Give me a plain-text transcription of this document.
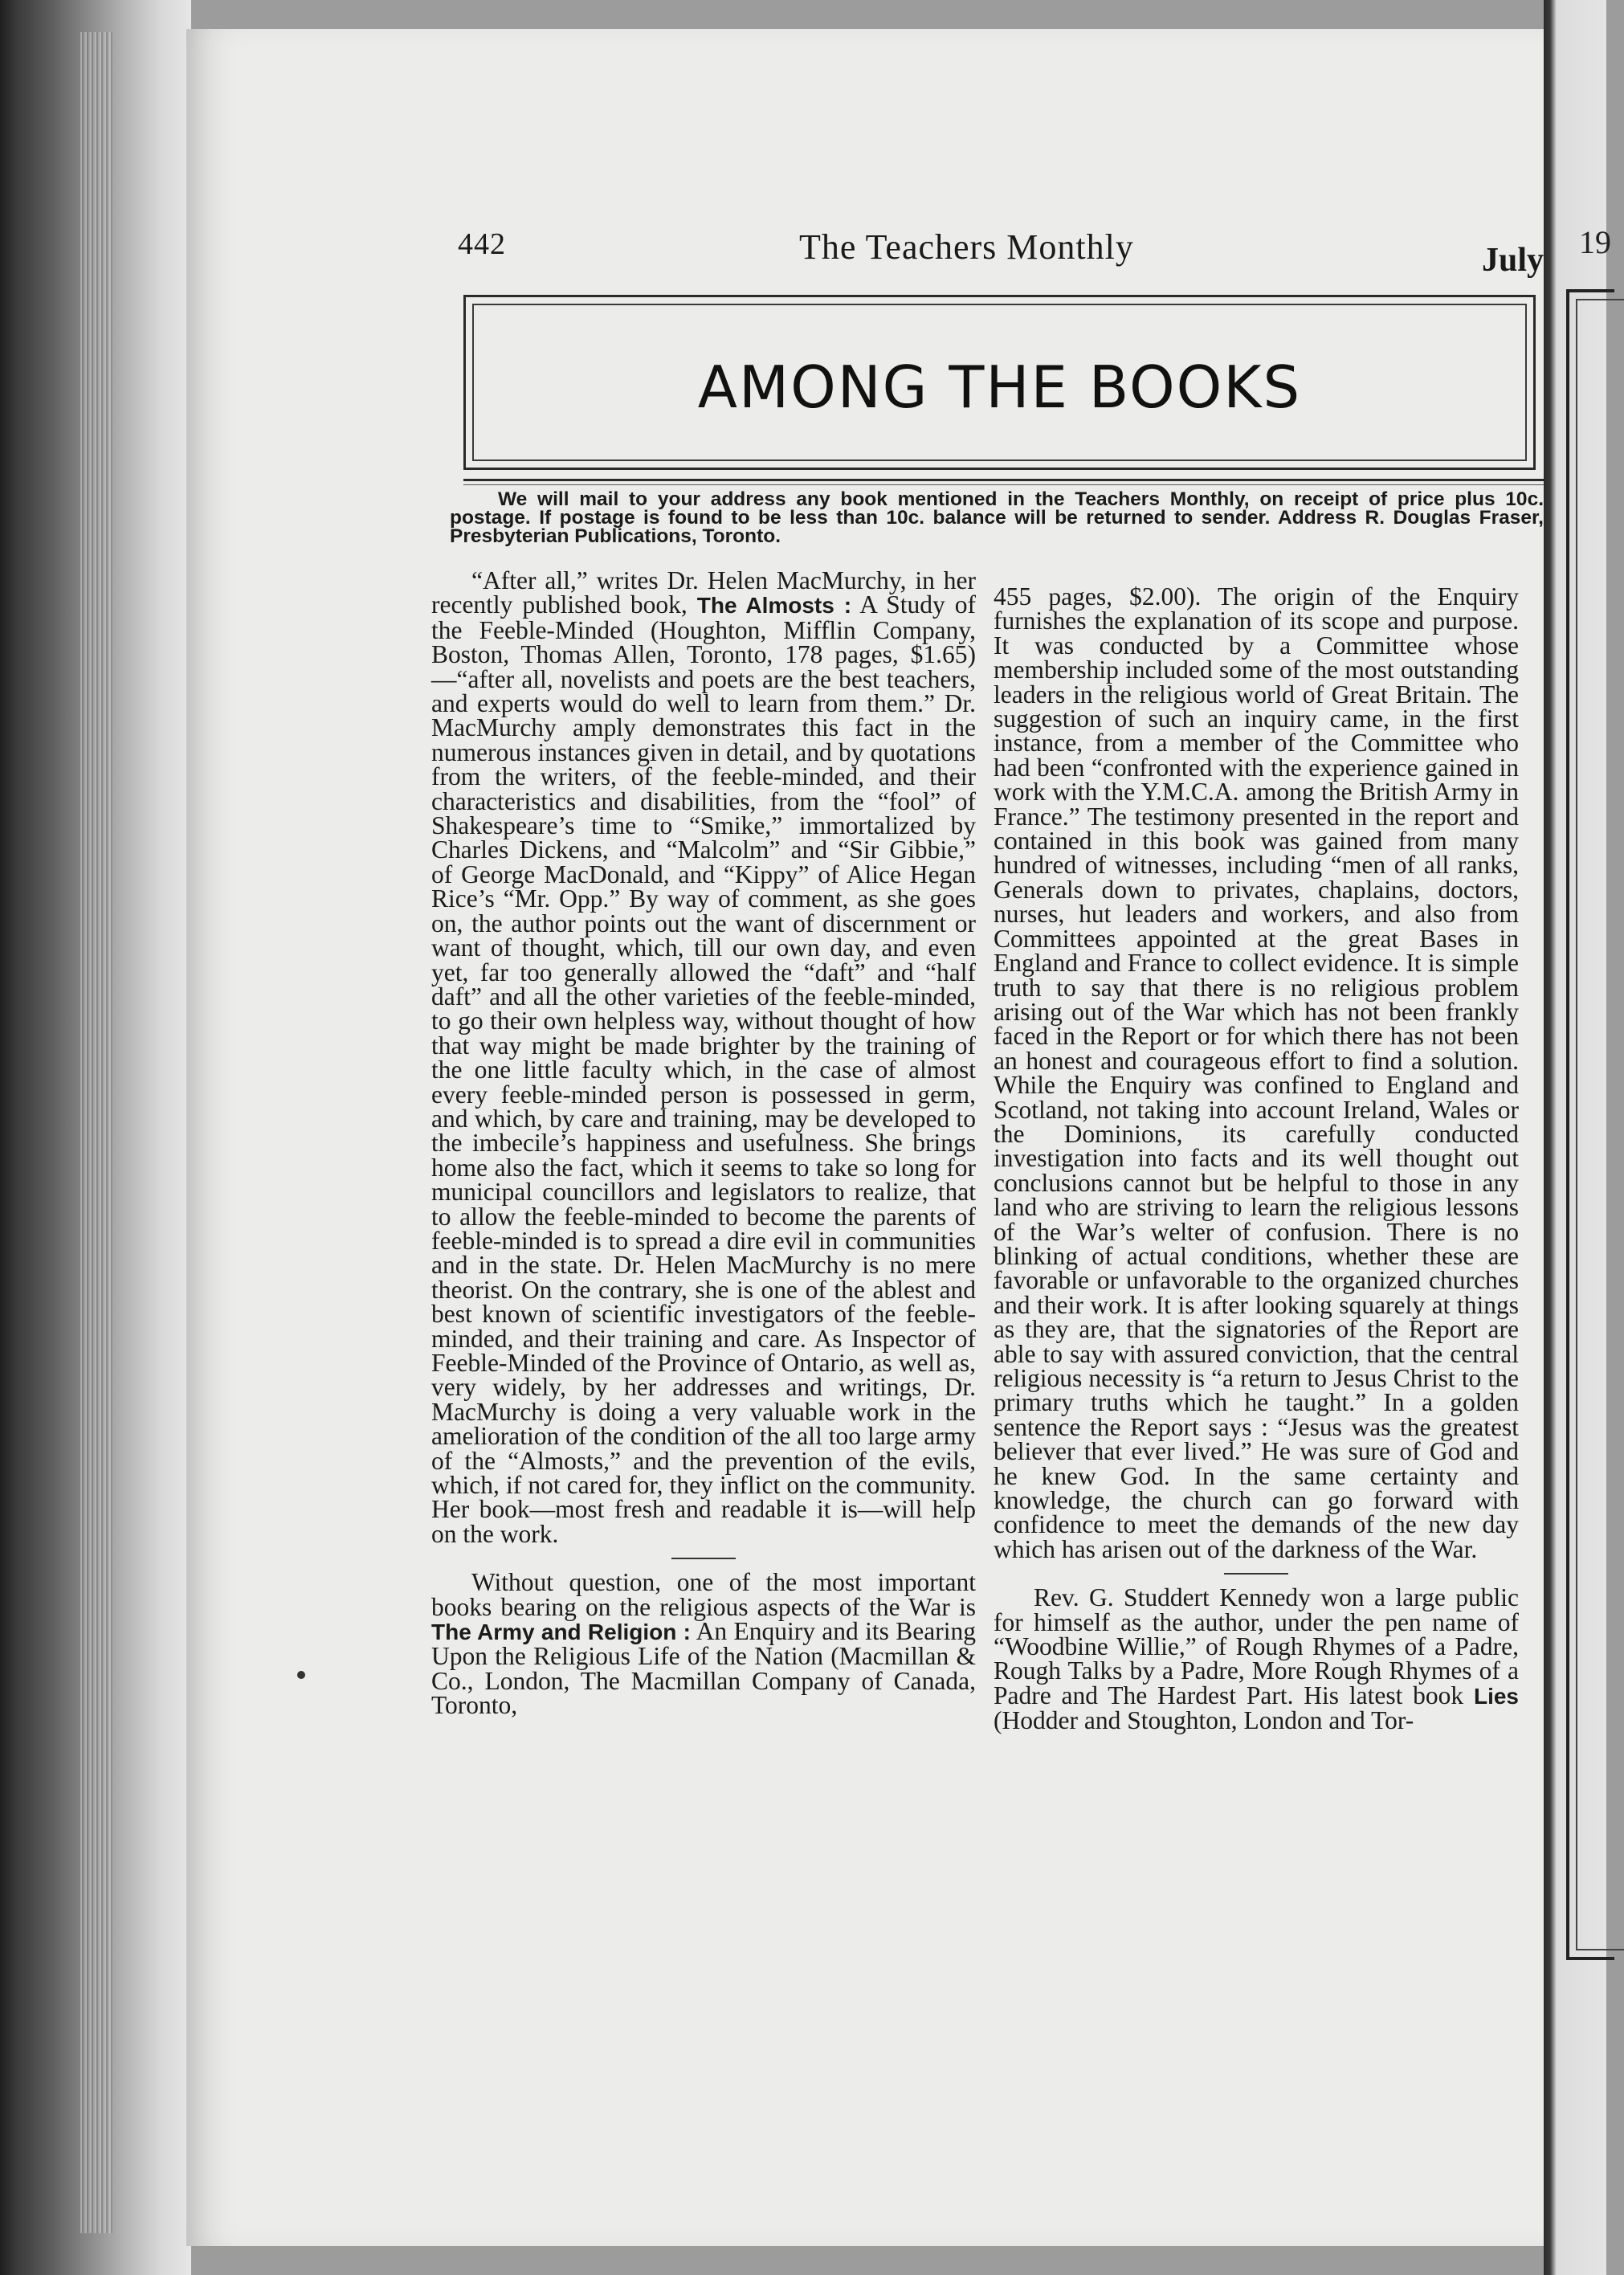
19
442	The Teachers Monthly	July
AMONG THE BOOKS

We will mail to your address any book mentioned in the Teachers Monthly, on receipt of price plus 10c. postage. If postage is found to be less than 10c. balance will be returned to sender. Address R. Douglas Fraser, Presbyterian Publications, Toronto.

“After all,” writes Dr. Helen MacMurchy, in her recently published book, The Almosts : A Study of the Feeble-Minded (Houghton, Mifflin Company, Boston, Thomas Allen, Toronto, 178 pages, $1.65)—“after all, novelists and poets are the best teachers, and experts would do well to learn from them.” Dr. MacMurchy amply demonstrates this fact in the numerous instances given in detail, and by quotations from the writers, of the feeble-minded, and their characteristics and disabilities, from the “fool” of Shakespeare’s time to “Smike,” immortalized by Charles Dickens, and “Malcolm” and “Sir Gibbie,” of George MacDonald, and “Kippy” of Alice Hegan Rice’s “Mr. Opp.” By way of comment, as she goes on, the author points out the want of discernment or want of thought, which, till our own day, and even yet, far too generally allowed the “daft” and “half daft” and all the other varieties of the feeble-minded, to go their own helpless way, without thought of how that way might be made brighter by the training of the one little faculty which, in the case of almost every feeble-minded person is possessed in germ, and which, by care and training, may be developed to the imbecile’s happiness and usefulness. She brings home also the fact, which it seems to take so long for municipal councillors and legislators to realize, that to allow the feeble-minded to become the parents of feeble-minded is to spread a dire evil in communities and in the state. Dr. Helen MacMurchy is no mere theorist. On the contrary, she is one of the ablest and best known of scientific investigators of the feeble-minded, and their training and care. As Inspector of Feeble-Minded of the Province of Ontario, as well as, very widely, by her addresses and writings, Dr. MacMurchy is doing a very valuable work in the amelioration of the condition of the all too large army of the “Almosts,” and the prevention of the evils, which, if not cared for, they inflict on the community. Her book—most fresh and readable it is—will help on the work.

Without question, one of the most important books bearing on the religious aspects of the War is The Army and Religion : An Enquiry and its Bearing Upon the Religious Life of the Nation (Macmillan & Co., London, The Macmillan Company of Canada, Toronto,

455 pages, $2.00). The origin of the Enquiry furnishes the explanation of its scope and purpose. It was conducted by a Committee whose membership included some of the most outstanding leaders in the religious world of Great Britain. The suggestion of such an inquiry came, in the first instance, from a member of the Committee who had been “confronted with the experience gained in work with the Y.M.C.A. among the British Army in France.” The testimony presented in the report and contained in this book was gained from many hundred of witnesses, including “men of all ranks, Generals down to privates, chaplains, doctors, nurses, hut leaders and workers, and also from Committees appointed at the great Bases in England and France to collect evidence. It is simple truth to say that there is no religious problem arising out of the War which has not been frankly faced in the Report or for which there has not been an honest and courageous effort to find a solution. While the Enquiry was confined to England and Scotland, not taking into account Ireland, Wales or the Dominions, its carefully conducted investigation into facts and its well thought out conclusions cannot but be helpful to those in any land who are striving to learn the religious lessons of the War’s welter of confusion. There is no blinking of actual conditions, whether these are favorable or unfavorable to the organized churches and their work. It is after looking squarely at things as they are, that the signatories of the Report are able to say with assured conviction, that the central religious necessity is “a return to Jesus Christ to the primary truths which he taught.” In a golden sentence the Report says : “Jesus was the greatest believer that ever lived.” He was sure of God and he knew God. In the same certainty and knowledge, the church can go forward with confidence to meet the demands of the new day which has arisen out of the darkness of the War.

Rev. G. Studdert Kennedy won a large public for himself as the author, under the pen name of “Woodbine Willie,” of Rough Rhymes of a Padre, Rough Talks by a Padre, More Rough Rhymes of a Padre and The Hardest Part. His latest book Lies (Hodder and Stoughton, London and Tor-
